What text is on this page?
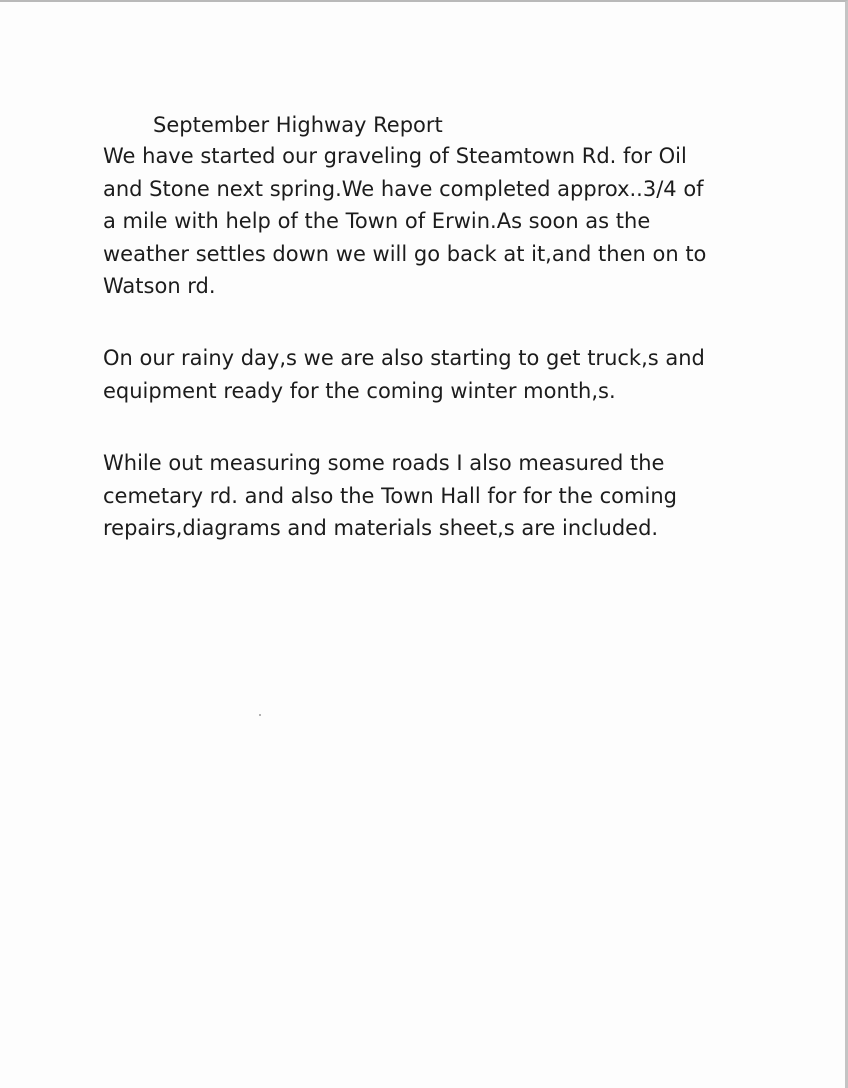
September Highway Report

We have started our graveling of Steamtown Rd. for Oil
and Stone next spring.We have completed approx..3/4 of
a mile with help of the Town of Erwin.As soon as the
weather settles down we will go back at it,and then on to
Watson rd.

On our rainy day,s we are also starting to get truck,s and
equipment ready for the coming winter month,s.

While out measuring some roads I also measured the
cemetary rd. and also the Town Hall for for the coming
repairs,diagrams and materials sheet,s are included.
